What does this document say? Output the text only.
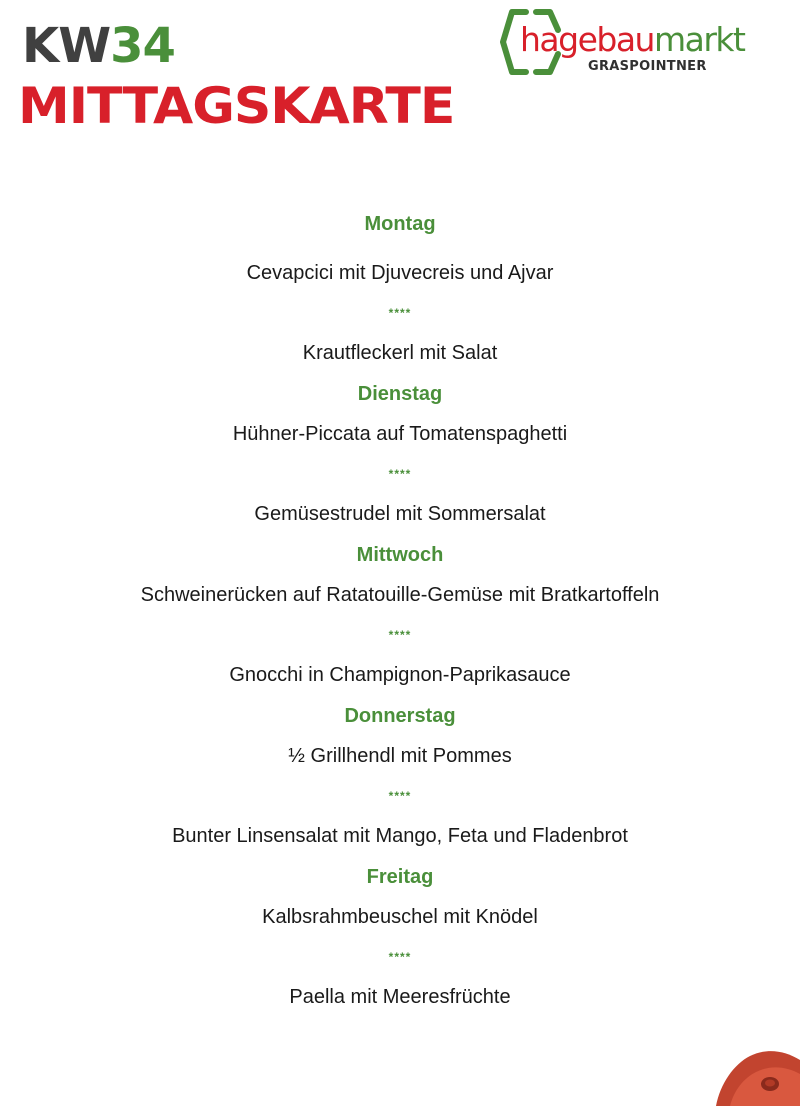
KW34
MITTAGSKARTE
hagebaumarkt
GRASPOINTNER
Montag
Cevapcici mit Djuvecreis und Ajvar
****
Krautfleckerl mit Salat
Dienstag
Hühner-Piccata auf Tomatenspaghetti
****
Gemüsestrudel mit Sommersalat
Mittwoch
Schweinerücken auf Ratatouille-Gemüse mit Bratkartoffeln
****
Gnocchi in Champignon-Paprikasauce
Donnerstag
½ Grillhendl mit Pommes
****
Bunter Linsensalat mit Mango, Feta und Fladenbrot
Freitag
Kalbsrahmbeuschel mit Knödel
****
Paella mit Meeresfrüchte
